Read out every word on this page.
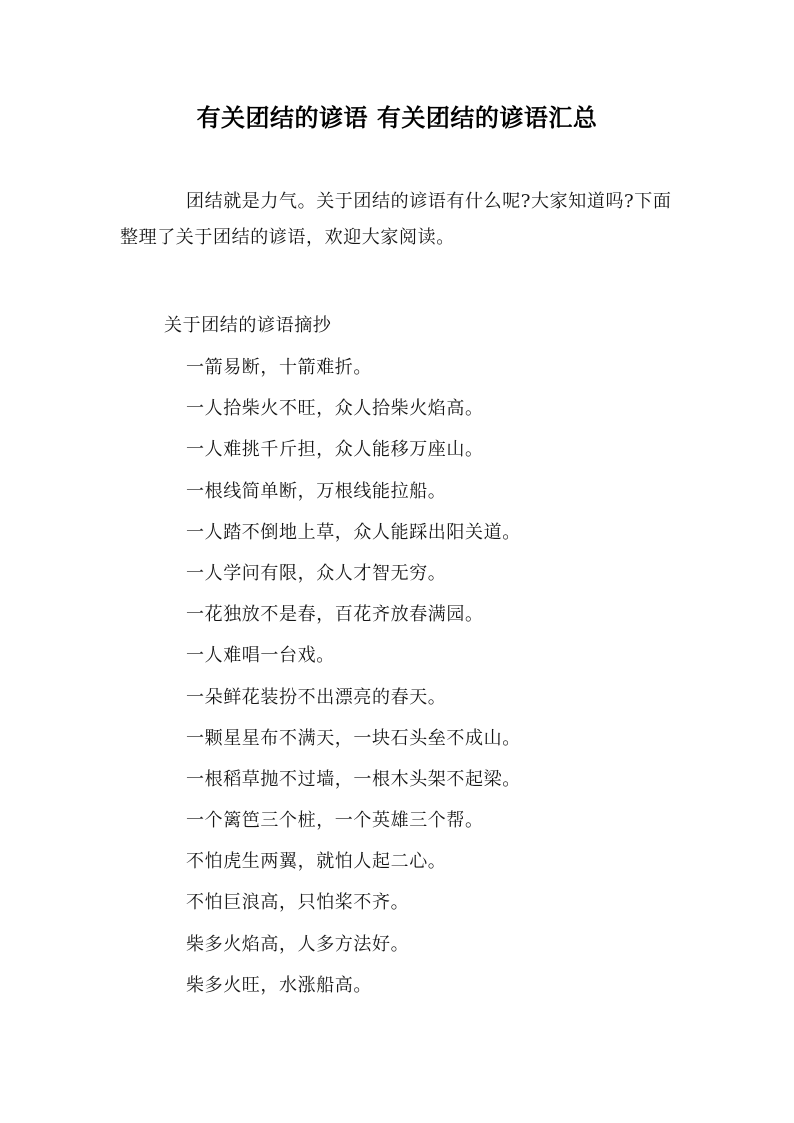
有关团结的谚语 有关团结的谚语汇总

团结就是力气。关于团结的谚语有什么呢?大家知道吗?下面整理了关于团结的谚语，欢迎大家阅读。

关于团结的谚语摘抄
一箭易断，十箭难折。
一人拾柴火不旺，众人拾柴火焰高。
一人难挑千斤担，众人能移万座山。
一根线简单断，万根线能拉船。
一人踏不倒地上草，众人能踩出阳关道。
一人学问有限，众人才智无穷。
一花独放不是春，百花齐放春满园。
一人难唱一台戏。
一朵鲜花装扮不出漂亮的春天。
一颗星星布不满天，一块石头垒不成山。
一根稻草抛不过墙，一根木头架不起梁。
一个篱笆三个桩，一个英雄三个帮。
不怕虎生两翼，就怕人起二心。
不怕巨浪高，只怕桨不齐。
柴多火焰高，人多方法好。
柴多火旺，水涨船高。
